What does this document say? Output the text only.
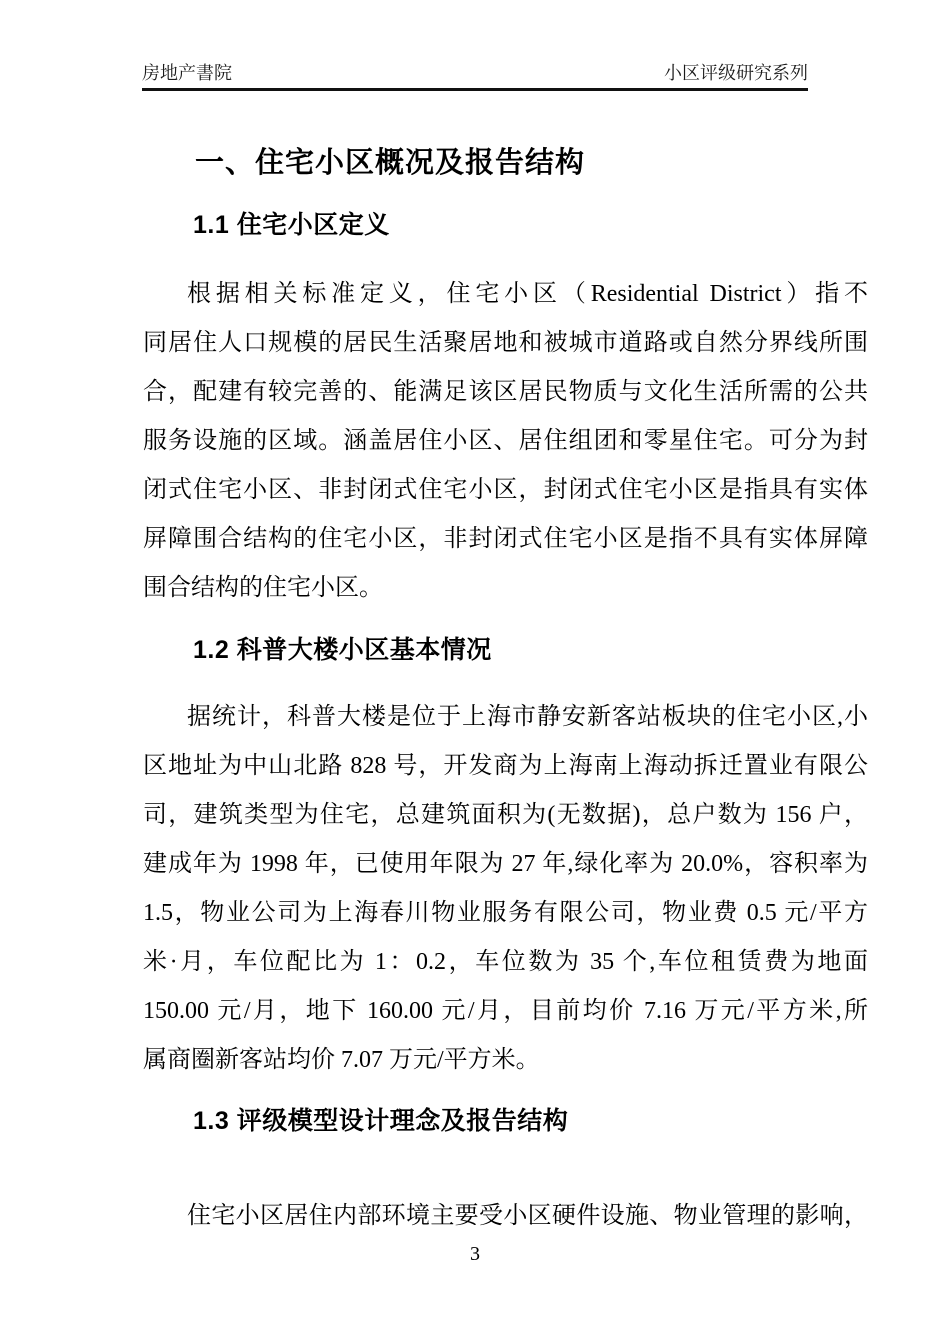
房地产書院	小区评级研究系列
一、住宅小区概况及报告结构
1.1 住宅小区定义
根据相关标准定义，住宅小区（Residential District）指不
同居住人口规模的居民生活聚居地和被城市道路或自然分界线所围
合，配建有较完善的、能满足该区居民物质与文化生活所需的公共
服务设施的区域。涵盖居住小区、居住组团和零星住宅。可分为封
闭式住宅小区、非封闭式住宅小区，封闭式住宅小区是指具有实体
屏障围合结构的住宅小区，非封闭式住宅小区是指不具有实体屏障
围合结构的住宅小区。
1.2 科普大楼小区基本情况
据统计，科普大楼是位于上海市静安新客站板块的住宅小区,小
区地址为中山北路 828 号，开发商为上海南上海动拆迁置业有限公
司，建筑类型为住宅，总建筑面积为(无数据)，总户数为 156 户，
建成年为 1998 年，已使用年限为 27 年,绿化率为 20.0%，容积率为
1.5，物业公司为上海春川物业服务有限公司，物业费 0.5 元/平方
米·月，车位配比为 1：0.2，车位数为 35 个,车位租赁费为地面
150.00 元/月，地下 160.00 元/月，目前均价 7.16 万元/平方米,所
属商圈新客站均价 7.07 万元/平方米。
1.3 评级模型设计理念及报告结构
住宅小区居住内部环境主要受小区硬件设施、物业管理的影响，
3
